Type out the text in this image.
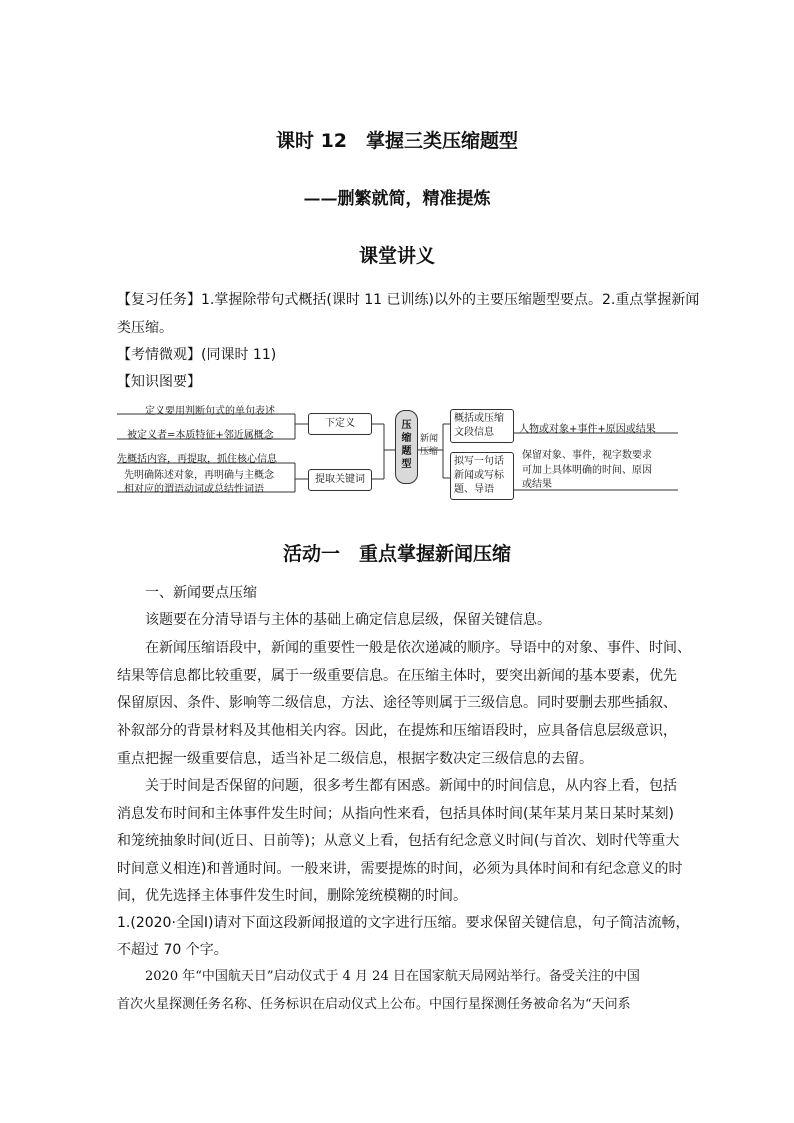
课时 12　掌握三类压缩题型
——删繁就简，精准提炼
课堂讲义
【复习任务】1.掌握除带句式概括(课时 11 已训练)以外的主要压缩题型要点。2.重点掌握新闻
类压缩。
【考情微观】(同课时 11)
【知识图要】
定义要用判断句式的单句表述
被定义者=本质特征+邻近属概念
下定义
先概括内容，再提取，抓住核心信息
先明确陈述对象，再明确与主概念
相对应的谓语动词或总结性词语
提取关键词
压缩题型
新闻压缩
概括或压缩文段信息	人物或对象+事件+原因或结果
拟写一句话新闻或写标题、导语
保留对象、事件，视字数要求
可加上具体明确的时间、原因
或结果
活动一　重点掌握新闻压缩
一、新闻要点压缩
该题要在分清导语与主体的基础上确定信息层级，保留关键信息。
在新闻压缩语段中，新闻的重要性一般是依次递减的顺序。导语中的对象、事件、时间、
结果等信息都比较重要，属于一级重要信息。在压缩主体时，要突出新闻的基本要素，优先
保留原因、条件、影响等二级信息，方法、途径等则属于三级信息。同时要删去那些插叙、
补叙部分的背景材料及其他相关内容。因此，在提炼和压缩语段时，应具备信息层级意识，
重点把握一级重要信息，适当补足二级信息，根据字数决定三级信息的去留。
关于时间是否保留的问题，很多考生都有困惑。新闻中的时间信息，从内容上看，包括
消息发布时间和主体事件发生时间；从指向性来看，包括具体时间(某年某月某日某时某刻)
和笼统抽象时间(近日、日前等)；从意义上看，包括有纪念意义时间(与首次、划时代等重大
时间意义相连)和普通时间。一般来讲，需要提炼的时间，必须为具体时间和有纪念意义的时
间，优先选择主体事件发生时间，删除笼统模糊的时间。
1.(2020·全国Ⅰ)请对下面这段新闻报道的文字进行压缩。要求保留关键信息，句子简洁流畅，
不超过 70 个字。
2020 年“中国航天日”启动仪式于 4 月 24 日在国家航天局网站举行。备受关注的中国
首次火星探测任务名称、任务标识在启动仪式上公布。中国行星探测任务被命名为“天问系
